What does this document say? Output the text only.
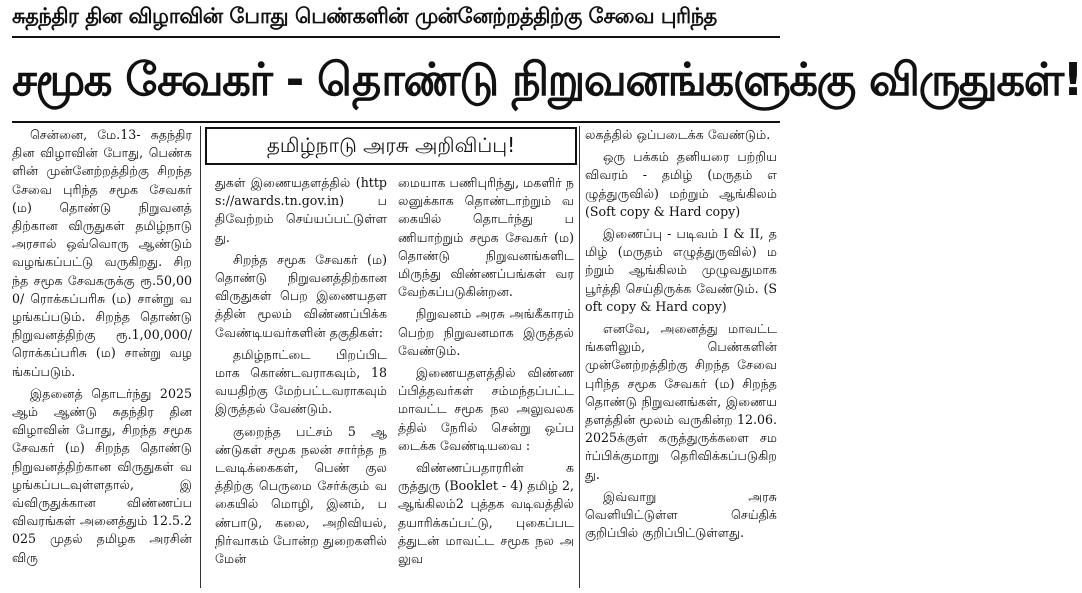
சுதந்திர தின விழாவின் போது பெண்களின் முன்னேற்றத்திற்கு சேவை புரிந்த
சமூக சேவகர் - தொண்டு நிறுவனங்களுக்கு விருதுகள்!
தமிழ்நாடு அரசு அறிவிப்பு!

சென்னை, மே.13- சுதந்திர தின விழாவின் போது, பெண்களின் முன்னேற்றத்திற்கு சிறந்த சேவை புரிந்த சமூக சேவகர் (ம) தொண்டு நிறுவனத் திற்கான விருதுகள் தமிழ்நாடு அரசால் ஒவ்வொரு ஆண்டும் வழங்கப்பட்டு வருகிறது. சிறந்த சமூக சேவகருக்கு ரூ.50,000/ ரொக்கப்பரிசு (ம) சான்று வழங்கப்படும். சிறந்த தொண்டு நிறுவனத்திற்கு ரூ.1,00,000/ ரொக்கப்பரிசு (ம) சான்று வழங்கப்படும்.

இதனைத் தொடர்ந்து 2025 ஆம் ஆண்டு சுதந்திர தின விழாவின் போது, சிறந்த சமூக சேவகர் (ம) சிறந்த தொண்டு நிறுவனத்திற்கான விருதுகள் வழங்கப்படவுள்ளதால், இவ்விருதுக்கான விண்ணப்ப விவரங்கள் அனைத்தும் 12.5.2025 முதல் தமிழக அரசின் விரு

துகள் இணையதளத்தில் (https://awards.tn.gov.in) பதிவேற்றம் செய்யப்பட்டுள்ளது.

சிறந்த சமூக சேவகர் (ம) தொண்டு நிறுவனத்திற்கான விருதுகள் பெற இணையதளத்தின் மூலம் விண்ணப்பிக்க வேண்டியவர்களின் தகுதிகள்:

தமிழ்நாட்டை பிறப்பிடமாக கொண்டவராகவும், 18 வயதிற்கு மேற்பட்டவராகவும் இருத்தல் வேண்டும்.

குறைந்த பட்சம் 5 ஆண்டுகள் சமூக நலன் சார்ந்த நடவடிக்கைகள், பெண் குலத்திற்கு பெருமை சேர்க்கும் வகையில் மொழி, இனம், பண்பாடு, கலை, அறிவியல், நிர்வாகம் போன்ற துறைகளில் மேன்

மையாக பணிபுரிந்து, மகளிர் நலனுக்காக தொண்டாற்றும் வகையில் தொடர்ந்து பணியாற்றும் சமூக சேவகர் (ம) தொண்டு நிறுவனங்களிடமிருந்து விண்ணப்பங்கள் வரவேற்கப்படுகின்றன.

நிறுவனம் அரசு அங்கீகாரம் பெற்ற நிறுவனமாக இருத்தல் வேண்டும்.

இணையதளத்தில் விண்ணப்பித்தவர்கள் சம்மந்தப்பட்ட மாவட்ட சமூக நல அலுவலகத்தில் நேரில் சென்று ஒப்படைக்க வேண்டியவை :

விண்ணப்பதாரரின் கருத்துரு (Booklet - 4) தமிழ் 2, ஆங்கிலம்2 புத்தக வடிவத்தில் தயாரிக்கப்பட்டு, புகைப்படத்துடன் மாவட்ட சமூக நல அலுவ

லகத்தில் ஒப்படைக்க வேண்டும்.

ஒரு பக்கம் தனியரை பற்றிய விவரம் - தமிழ் (மருதம் எழுத்துருவில்) மற்றும் ஆங்கிலம் (Soft copy & Hard copy)

இணைப்பு - படிவம் I & II, தமிழ் (மருதம் எழுத்துருவில்) மற்றும் ஆங்கிலம் முழுவதுமாக பூர்த்தி செய்திருக்க வேண்டும். (Soft copy & Hard copy)

எனவே, அனைத்து மாவட்டங்களிலும், பெண்களின் முன்னேற்றத்திற்கு சிறந்த சேவை புரிந்த சமூக சேவகர் (ம) சிறந்த தொண்டு நிறுவனங்கள், இணையதளத்தின் மூலம் வருகின்ற 12.06.2025க்குள் கருத்துருக்களை சமர்ப்பிக்குமாறு தெரிவிக்கப்படுகிறது.

இவ்வாறு அரசு வெளியிட்டுள்ள செய்திக் குறிப்பில் குறிப்பிட்டுள்ளது.
